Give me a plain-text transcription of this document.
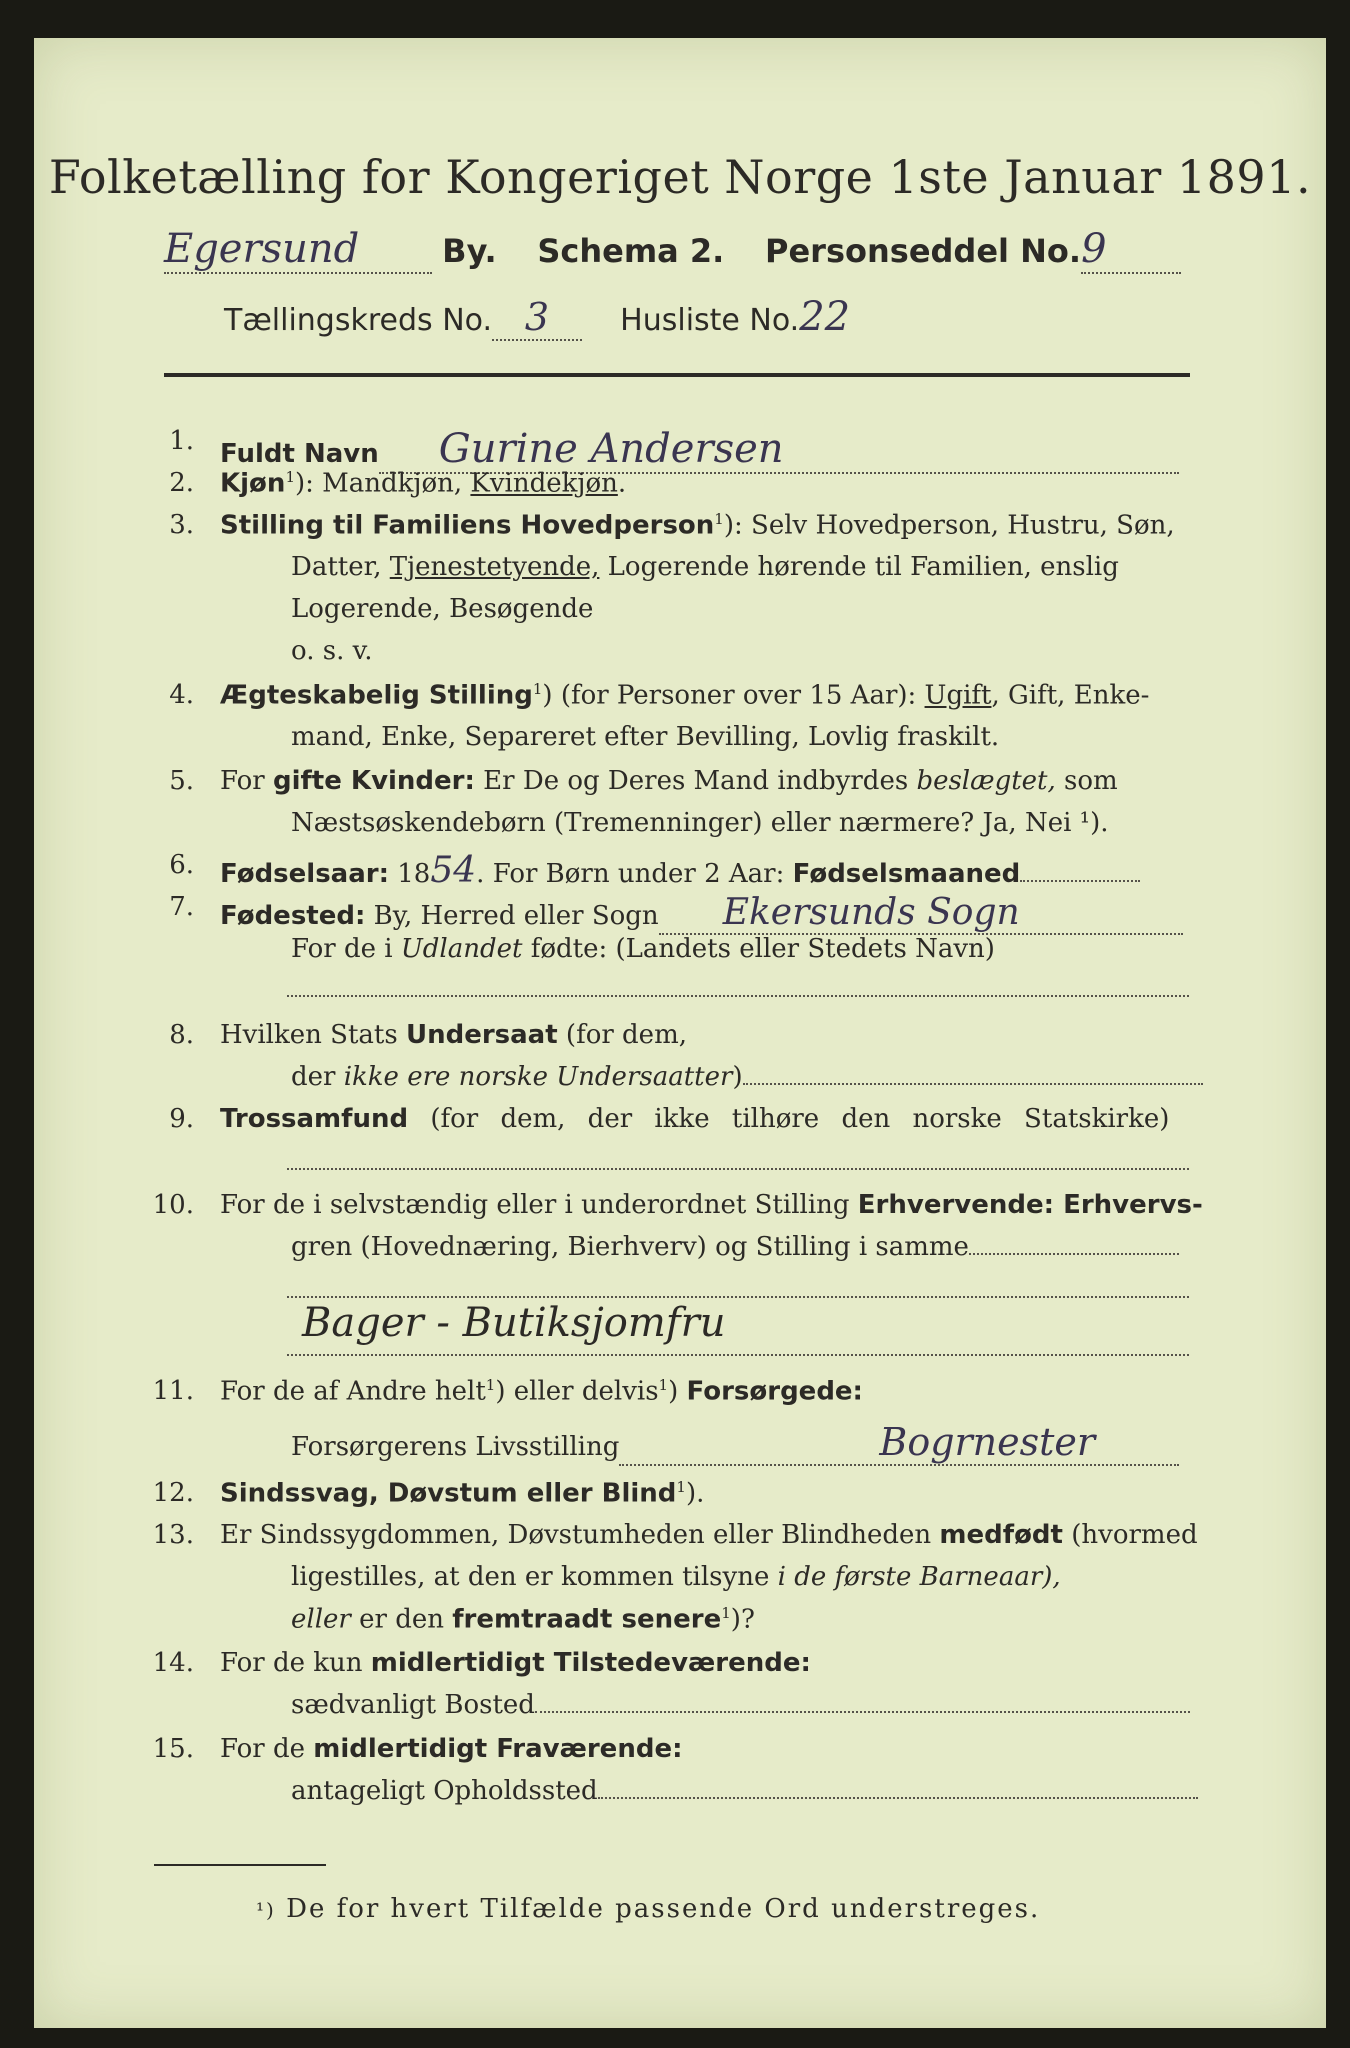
Folketælling for Kongeriget Norge 1ste Januar 1891.
Egersund	By. Schema 2. Personseddel No.9
Tællingskreds No. 3 Husliste No.22
1. Fuldt Navn Gurine Andersen
2. Kjøn$^1$): Mandkjøn, Kvindekjøn.
3. Stilling til Familiens Hovedperson$^1$): Selv Hovedperson, Hustru, Søn,
Datter, Tjenestetyende, Logerende hørende til Familien, enslig
Logerende, Besøgende
o. s. v.
4. Ægteskabelig Stilling$^1$) (for Personer over 15 Aar): Ugift, Gift, Enke-
mand, Enke, Separeret efter Bevilling, Lovlig fraskilt.
5. For gifte Kvinder: Er De og Deres Mand indbyrdes beslægtet, som
Næstsøskendebørn (Tremenninger) eller nærmere? Ja, Nei ¹).
6. Fødselsaar: 1854. For Børn under 2 Aar: Fødselsmaaned
7. Fødested: By, Herred eller Sogn Ekersunds Sogn
For de i Udlandet fødte: (Landets eller Stedets Navn)
8. Hvilken Stats Undersaat (for dem,
der ikke ere norske Undersaatter)
9. Trossamfund (for dem, der ikke tilhøre den norske Statskirke)
10. For de i selvstændig eller i underordnet Stilling Erhvervende: Erhvervs-
gren (Hovednæring, Bierhverv) og Stilling i samme
Bager - Butiksjomfru
11. For de af Andre helt$^1$) eller delvis$^1$) Forsørgede:
Forsørgerens Livsstilling	Bogrnester
12. Sindssvag, Døvstum eller Blind$^1$).
13. Er Sindssygdommen, Døvstumheden eller Blindheden medfødt (hvormed
ligestilles, at den er kommen tilsyne i de første Barneaar),
eller er den fremtraadt senere$^1$)?
14. For de kun midlertidigt Tilstedeværende:
sædvanligt Bosted
15. For de midlertidigt Fraværende:
antageligt Opholdssted
¹) De for hvert Tilfælde passende Ord understreges.
